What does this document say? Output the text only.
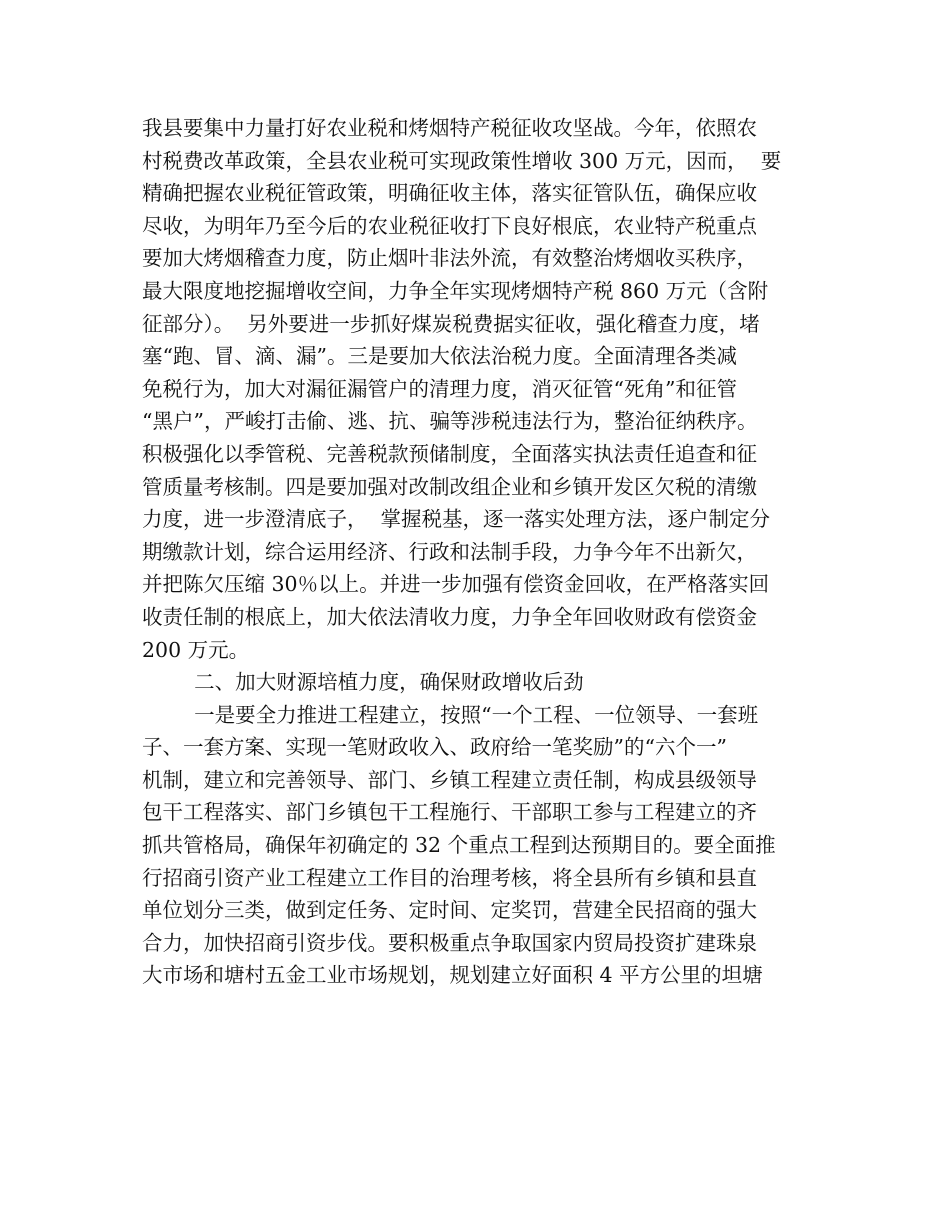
我县要集中力量打好农业税和烤烟特产税征收攻坚战。今年，依照农
村税费改革政策，全县农业税可实现政策性增收 300 万元，因而，  要
精确把握农业税征管政策，明确征收主体，落实征管队伍，确保应收
尽收，为明年乃至今后的农业税征收打下良好根底，农业特产税重点
要加大烤烟稽查力度，防止烟叶非法外流，有效整治烤烟收买秩序，
最大限度地挖掘增收空间，力争全年实现烤烟特产税 860 万元（含附
征部分）。  另外要进一步抓好煤炭税费据实征收，强化稽查力度，堵
塞“跑、冒、滴、漏”。三是要加大依法治税力度。全面清理各类减
免税行为，加大对漏征漏管户的清理力度，消灭征管“死角”和征管
“黑户”，严峻打击偷、逃、抗、骗等涉税违法行为，整治征纳秩序。
积极强化以季管税、完善税款预储制度，全面落实执法责任追查和征
管质量考核制。四是要加强对改制改组企业和乡镇开发区欠税的清缴
力度，进一步澄清底子，  掌握税基，逐一落实处理方法，逐户制定分
期缴款计划，综合运用经济、行政和法制手段，力争今年不出新欠，
并把陈欠压缩 30％以上。并进一步加强有偿资金回收，在严格落实回
收责任制的根底上，加大依法清收力度，力争全年回收财政有偿资金
200 万元。
二、加大财源培植力度，确保财政增收后劲
一是要全力推进工程建立，按照“一个工程、一位领导、一套班
子、一套方案、实现一笔财政收入、政府给一笔奖励”的“六个一”
机制，建立和完善领导、部门、乡镇工程建立责任制，构成县级领导
包干工程落实、部门乡镇包干工程施行、干部职工参与工程建立的齐
抓共管格局，确保年初确定的 32 个重点工程到达预期目的。要全面推
行招商引资产业工程建立工作目的治理考核，将全县所有乡镇和县直
单位划分三类，做到定任务、定时间、定奖罚，营建全民招商的强大
合力，加快招商引资步伐。要积极重点争取国家内贸局投资扩建珠泉
大市场和塘村五金工业市场规划，规划建立好面积 4 平方公里的坦塘
